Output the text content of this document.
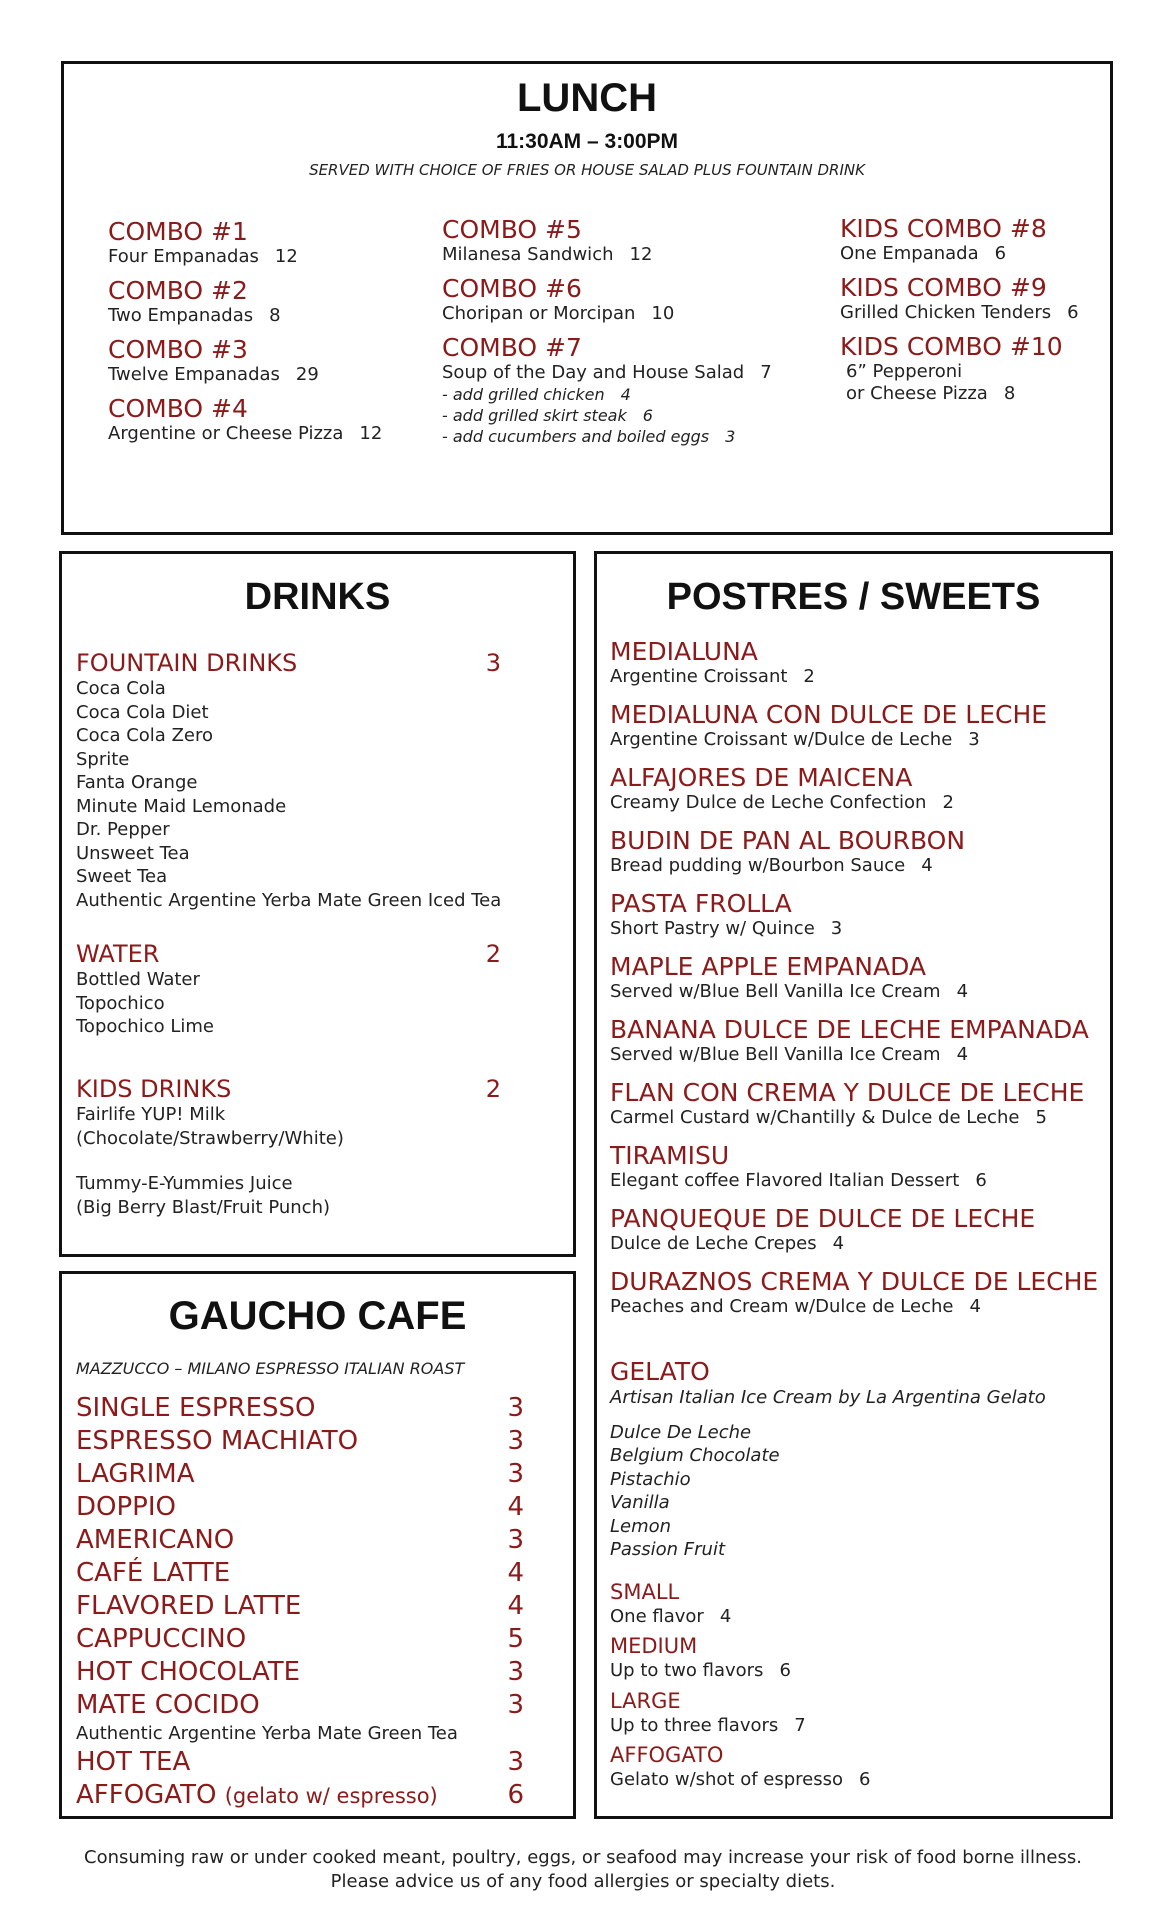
LUNCH
11:30AM – 3:00PM
SERVED WITH CHOICE OF FRIES OR HOUSE SALAD PLUS FOUNTAIN DRINK
COMBO #1
Four Empanadas 12
COMBO #2
Two Empanadas 8
COMBO #3
Twelve Empanadas 29
COMBO #4
Argentine or Cheese Pizza 12
COMBO #5
Milanesa Sandwich 12
COMBO #6
Choripan or Morcipan 10
COMBO #7
Soup of the Day and House Salad 7
- add grilled chicken 4
- add grilled skirt steak 6
- add cucumbers and boiled eggs 3
KIDS COMBO #8
One Empanada 6
KIDS COMBO #9
Grilled Chicken Tenders 6
KIDS COMBO #10
6” Pepperoni
or Cheese Pizza 8
DRINKS
FOUNTAIN DRINKS	3
Coca Cola
Coca Cola Diet
Coca Cola Zero
Sprite
Fanta Orange
Minute Maid Lemonade
Dr. Pepper
Unsweet Tea
Sweet Tea
Authentic Argentine Yerba Mate Green Iced Tea
WATER	2
Bottled Water
Topochico
Topochico Lime
KIDS DRINKS	2
Fairlife YUP! Milk
(Chocolate/Strawberry/White)
Tummy-E-Yummies Juice
(Big Berry Blast/Fruit Punch)
GAUCHO CAFE
MAZZUCCO – MILANO ESPRESSO ITALIAN ROAST
SINGLE ESPRESSO	3
ESPRESSO MACHIATO	3
LAGRIMA	3
DOPPIO	4
AMERICANO	3
CAFÉ LATTE	4
FLAVORED LATTE	4
CAPPUCCINO	5
HOT CHOCOLATE	3
MATE COCIDO	3
Authentic Argentine Yerba Mate Green Tea
HOT TEA	3
AFFOGATO (gelato w/ espresso)	6
POSTRES / SWEETS
MEDIALUNA
Argentine Croissant 2
MEDIALUNA CON DULCE DE LECHE
Argentine Croissant w/Dulce de Leche 3
ALFAJORES DE MAICENA
Creamy Dulce de Leche Confection 2
BUDIN DE PAN AL BOURBON
Bread pudding w/Bourbon Sauce 4
PASTA FROLLA
Short Pastry w/ Quince 3
MAPLE APPLE EMPANADA
Served w/Blue Bell Vanilla Ice Cream 4
BANANA DULCE DE LECHE EMPANADA
Served w/Blue Bell Vanilla Ice Cream 4
FLAN CON CREMA Y DULCE DE LECHE
Carmel Custard w/Chantilly & Dulce de Leche 5
TIRAMISU
Elegant coffee Flavored Italian Dessert 6
PANQUEQUE DE DULCE DE LECHE
Dulce de Leche Crepes 4
DURAZNOS CREMA Y DULCE DE LECHE
Peaches and Cream w/Dulce de Leche 4
GELATO
Artisan Italian Ice Cream by La Argentina Gelato
Dulce De Leche
Belgium Chocolate
Pistachio
Vanilla
Lemon
Passion Fruit
SMALL
One flavor 4
MEDIUM
Up to two flavors 6
LARGE
Up to three flavors 7
AFFOGATO
Gelato w/shot of espresso 6
Consuming raw or under cooked meant, poultry, eggs, or seafood may increase your risk of food borne illness.
Please advice us of any food allergies or specialty diets.
